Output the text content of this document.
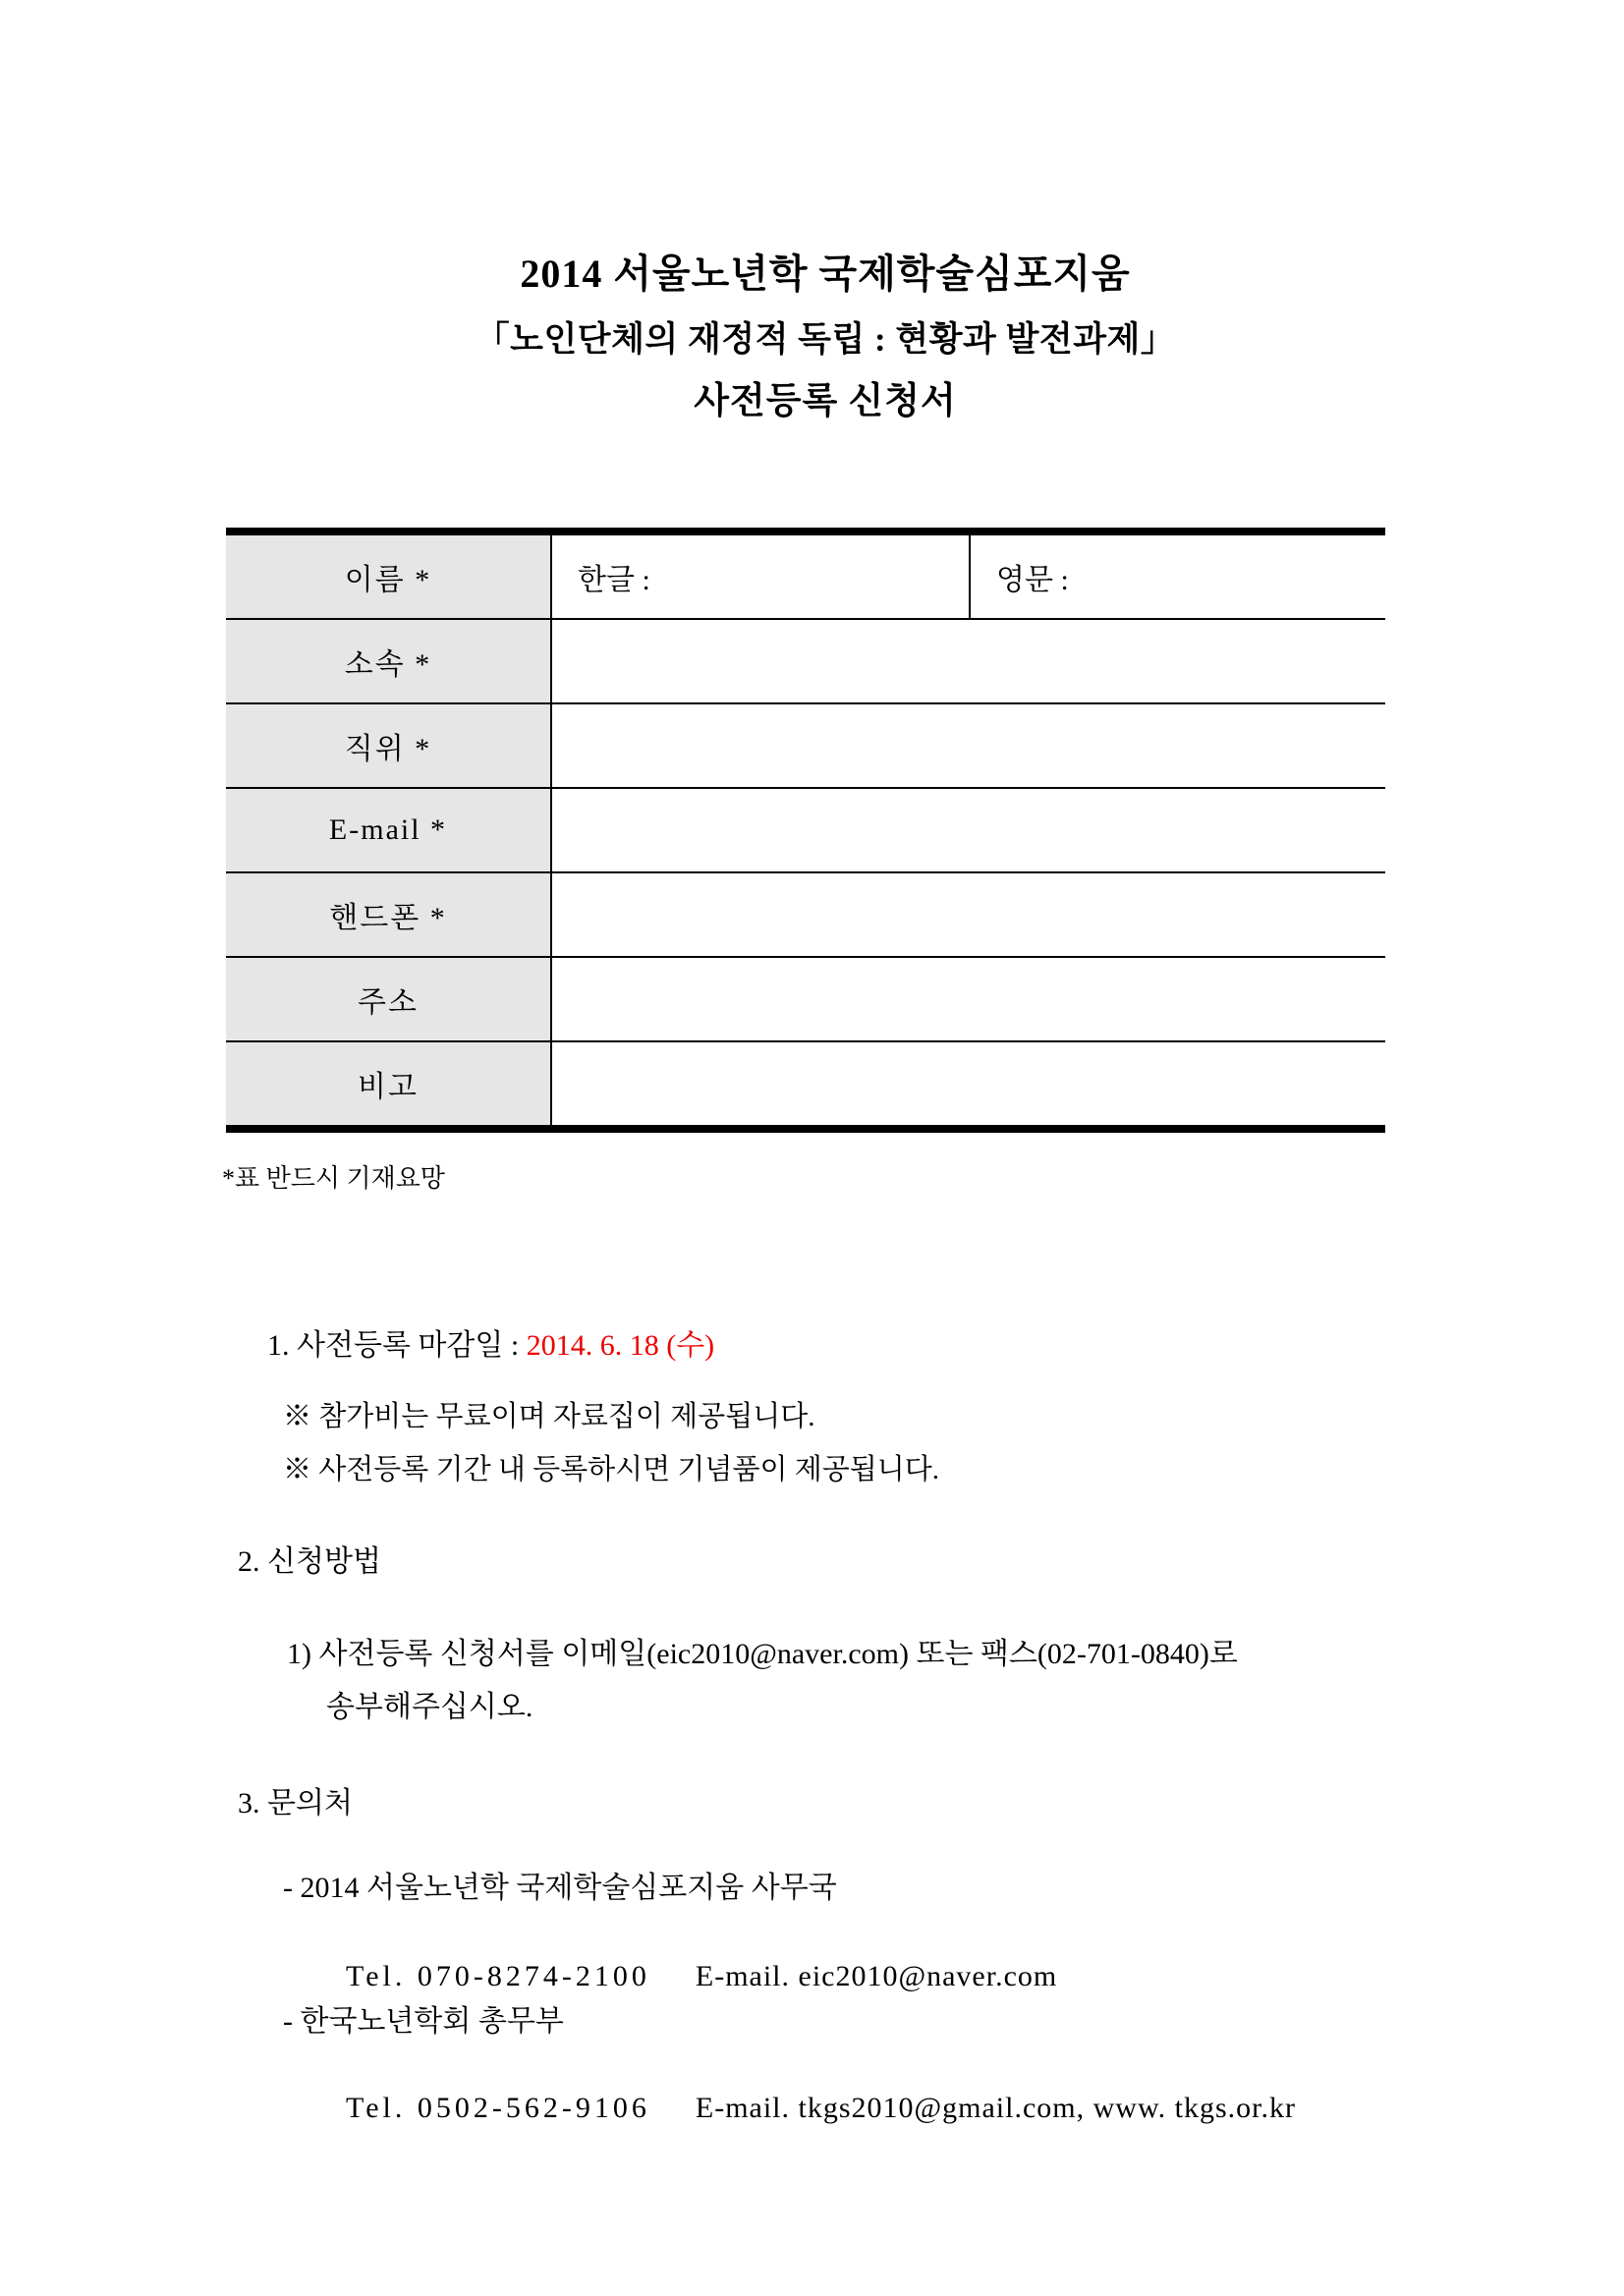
2014 서울노년학 국제학술심포지움
「노인단체의 재정적 독립 : 현황과 발전과제」
사전등록 신청서
이름 *	한글 :	영문 :
소속 *
직위 *
E-mail *
핸드폰 *
주소
비고
*표 반드시 기재요망

1. 사전등록 마감일 : 2014. 6. 18 (수)

※ 참가비는 무료이며 자료집이 제공됩니다.
※ 사전등록 기간 내 등록하시면 기념품이 제공됩니다.
2. 신청방법
1) 사전등록 신청서를 이메일(eic2010@naver.com) 또는 팩스(02-701-0840)로
송부해주십시오.
3. 문의처
- 2014 서울노년학 국제학술심포지움 사무국

Tel. 070-8274-2100 E-mail. eic2010@naver.com

- 한국노년학회 총무부

Tel. 0502-562-9106 E-mail. tkgs2010@gmail.com, www. tkgs.or.kr
